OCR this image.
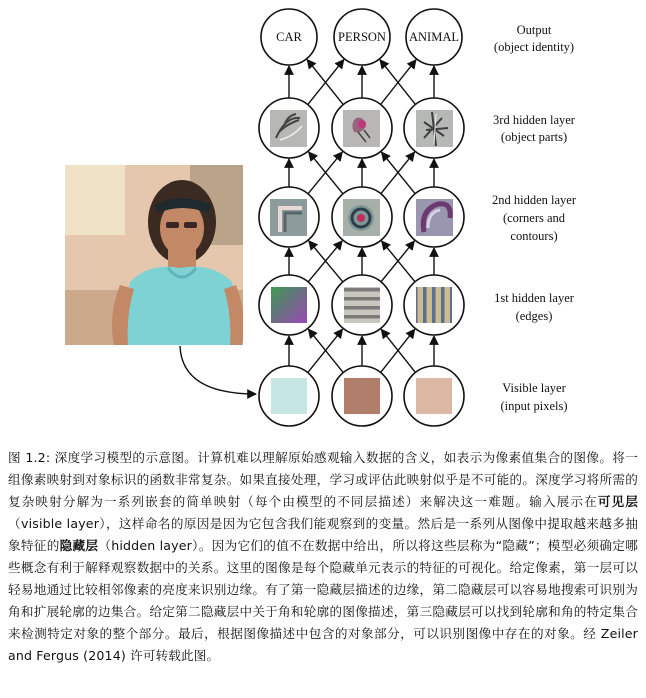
CAR	PERSON ANIMAL	Output
(object identity)
3rd hidden layer
(object parts)
2nd hidden layer
(corners and
contours)
1st hidden layer
(edges)
Visible layer
(input pixels)
图 1.2: 深度学习模型的示意图。计算机难以理解原始感观输入数据的含义，如表示为像素值集合的图像。将一组像素映射到对象标识的函数非常复杂。如果直接处理，学习或评估此映射似乎是不可能的。深度学习将所需的复杂映射分解为一系列嵌套的简单映射（每个由模型的不同层描述）来解决这一难题。输入展示在可见层（visible layer），这样命名的原因是因为它包含我们能观察到的变量。然后是一系列从图像中提取越来越多抽象特征的隐藏层（hidden layer）。因为它们的值不在数据中给出，所以将这些层称为“隐藏”；模型必须确定哪些概念有利于解释观察数据中的关系。这里的图像是每个隐藏单元表示的特征的可视化。给定像素，第一层可以轻易地通过比较相邻像素的亮度来识别边缘。有了第一隐藏层描述的边缘，第二隐藏层可以容易地搜索可识别为角和扩展轮廓的边集合。给定第二隐藏层中关于角和轮廓的图像描述，第三隐藏层可以找到轮廓和角的特定集合来检测特定对象的整个部分。最后，根据图像描述中包含的对象部分，可以识别图像中存在的对象。经 Zeiler and Fergus (2014) 许可转载此图。
